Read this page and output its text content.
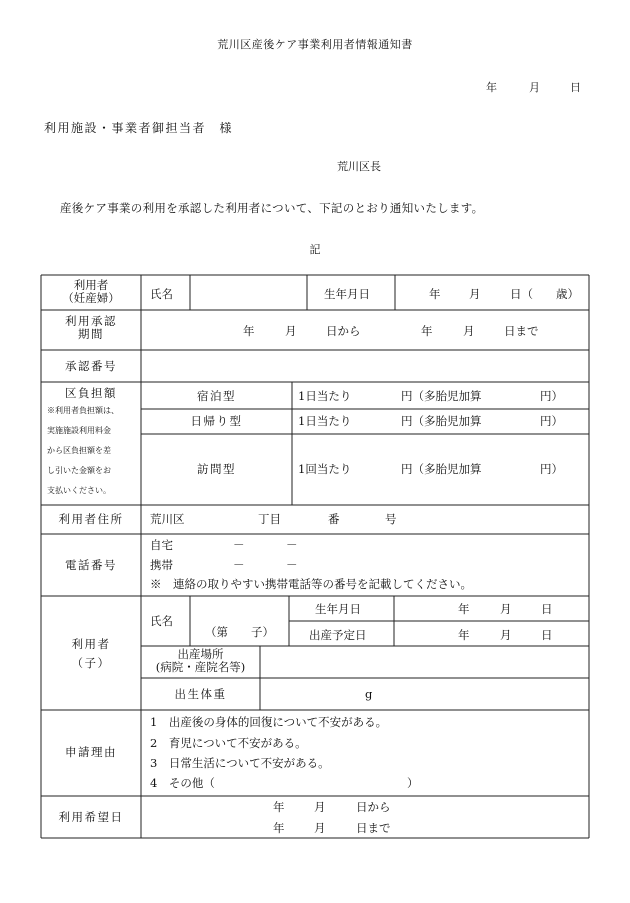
荒川区産後ケア事業利用者情報通知書
年	月	日
利用施設・事業者御担当者　様
荒川区長
産後ケア事業の利用を承認した利用者について、下記のとおり通知いたします。
記
利用者
（妊産婦）	氏名	生年月日	年 月	日（　　歳）
利用承認
期間	年	月	日から	年	月	日まで
承認番号
区負担額
※利用者負担額は、
実施施設利用料金
から区負担額を差
し引いた金額をお
支払いください。
宿泊型	1日当たり	円（多胎児加算	円）
日帰り型	1日当たり	円（多胎児加算	円）
訪問型	1回当たり	円（多胎児加算	円）
利用者住所	荒川区	丁目	番	号
電話番号
自宅	－	－
携帯	－	－
※　連絡の取りやすい携帯電話等の番号を記載してください。
利用者
（子）
氏名
（第　　子）
生年月日	年	月	日
出産予定日	年	月	日
出産場所
(病院・産院名等)
出生体重	g
申請理由
1　出産後の身体的回復について不安がある。
2　育児について不安がある。
3　日常生活について不安がある。
4　その他（	）
利用希望日
年	月	日から
年	月	日まで
